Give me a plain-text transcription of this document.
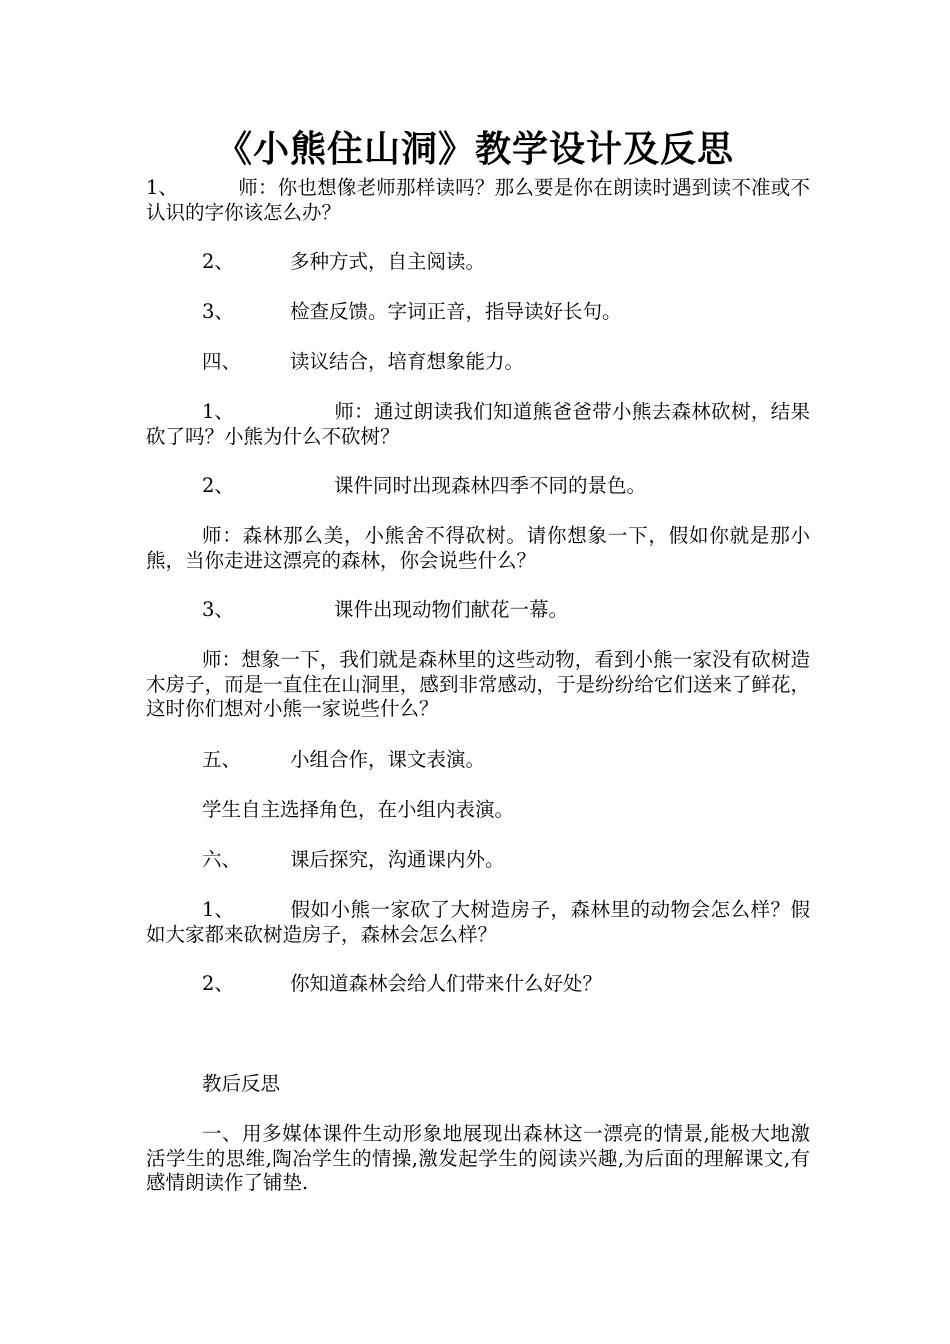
《小熊住山洞》教学设计及反思
1、	师：你也想像老师那样读吗？那么要是你在朗读时遇到读不准或不认识的字你该怎么办？
2、	多种方式，自主阅读。
3、	检查反馈。字词正音，指导读好长句。
四、	读议结合，培育想象能力。
1、	师：通过朗读我们知道熊爸爸带小熊去森林砍树，结果砍了吗？小熊为什么不砍树？
2、	课件同时出现森林四季不同的景色。
师：森林那么美，小熊舍不得砍树。请你想象一下，假如你就是那小熊，当你走进这漂亮的森林，你会说些什么？
3、	课件出现动物们献花一幕。
师：想象一下，我们就是森林里的这些动物，看到小熊一家没有砍树造木房子，而是一直住在山洞里，感到非常感动，于是纷纷给它们送来了鲜花，这时你们想对小熊一家说些什么？
五、	小组合作，课文表演。
学生自主选择角色，在小组内表演。
六、	课后探究，沟通课内外。
1、	假如小熊一家砍了大树造房子，森林里的动物会怎么样？假如大家都来砍树造房子，森林会怎么样？
2、	你知道森林会给人们带来什么好处？
教后反思
一、用多媒体课件生动形象地展现出森林这一漂亮的情景,能极大地激活学生的思维,陶冶学生的情操,激发起学生的阅读兴趣,为后面的理解课文,有感情朗读作了铺垫.
